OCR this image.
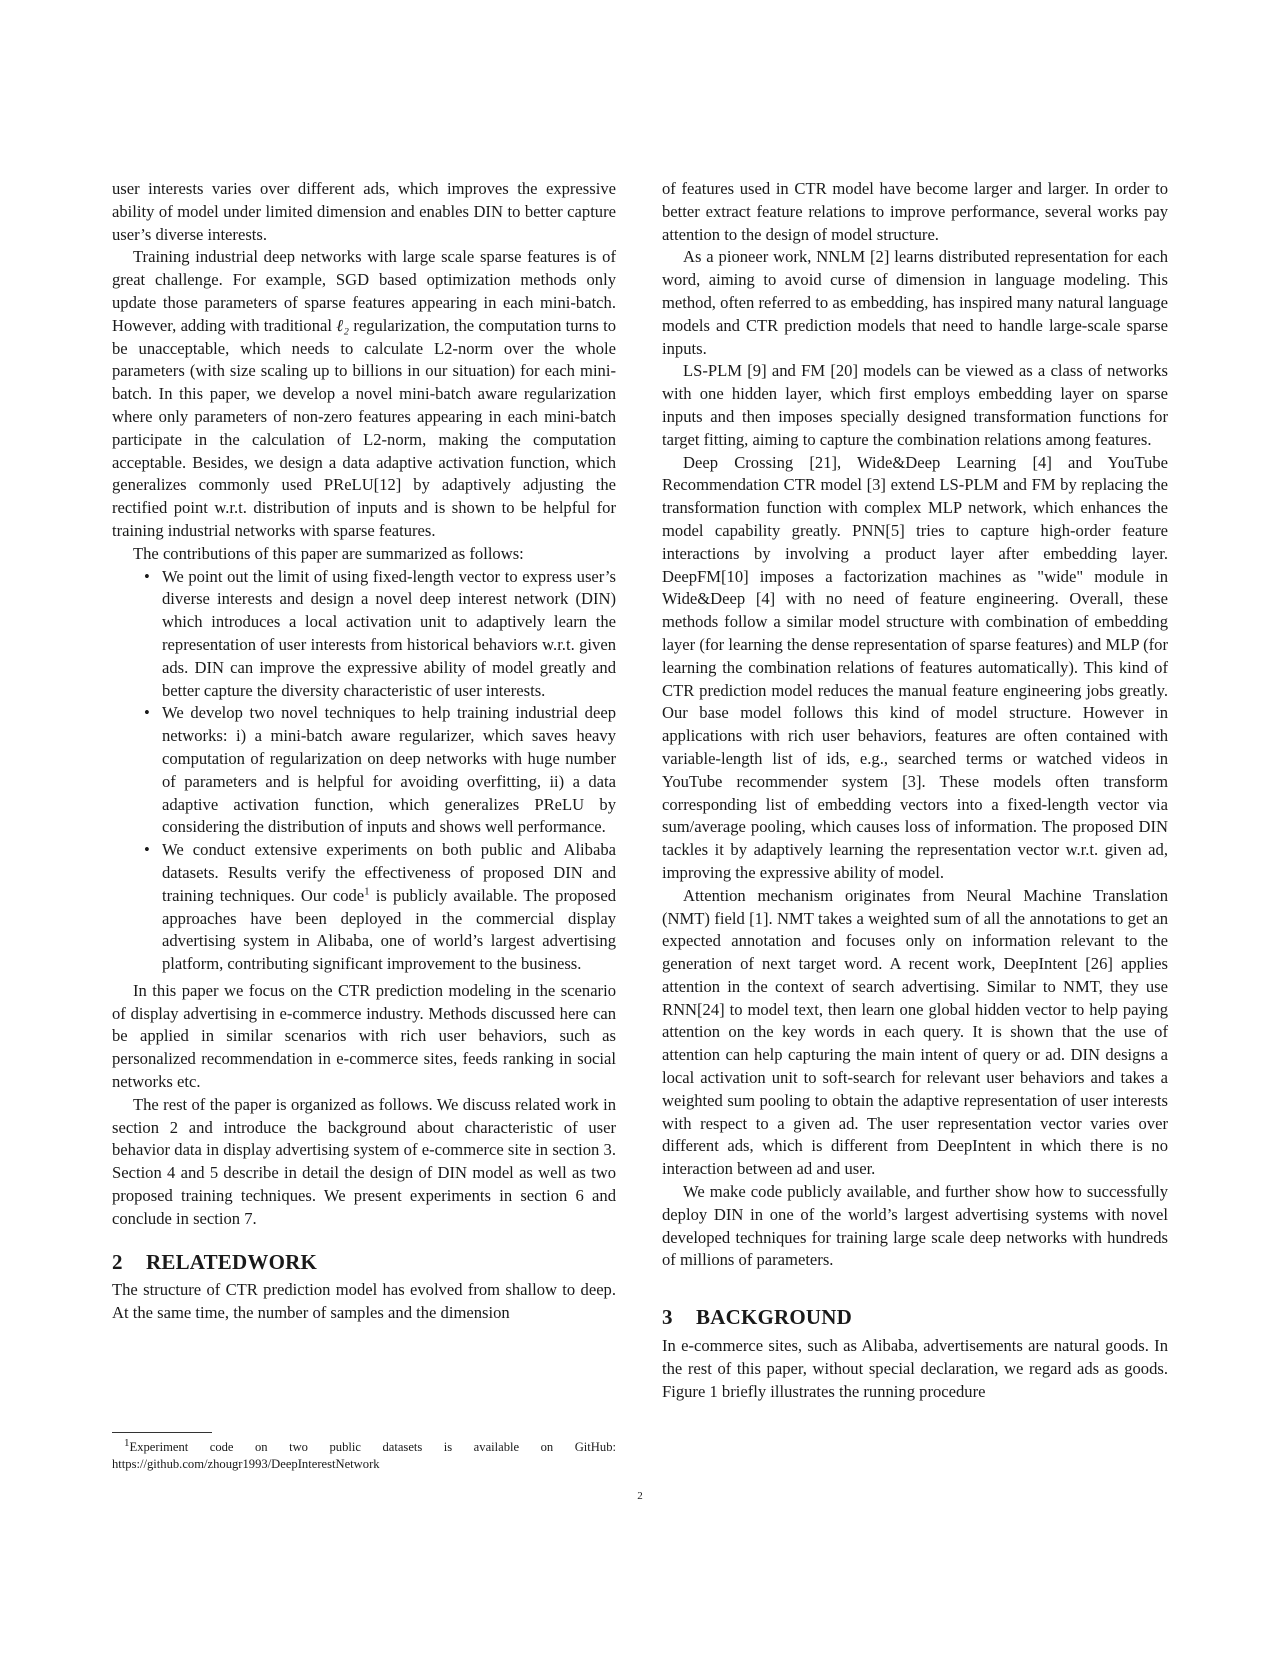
user interests varies over different ads, which improves the expressive ability of model under limited dimension and enables DIN to better capture user’s diverse interests.

Training industrial deep networks with large scale sparse features is of great challenge. For example, SGD based optimization methods only update those parameters of sparse features appearing in each mini-batch. However, adding with traditional ℓ₂ regularization, the computation turns to be unacceptable, which needs to calculate L2-norm over the whole parameters (with size scaling up to billions in our situation) for each mini-batch. In this paper, we develop a novel mini-batch aware regularization where only parameters of non-zero features appearing in each mini-batch participate in the calculation of L2-norm, making the computation acceptable. Besides, we design a data adaptive activation function, which generalizes commonly used PReLU[12] by adaptively adjusting the rectified point w.r.t. distribution of inputs and is shown to be helpful for training industrial networks with sparse features.

The contributions of this paper are summarized as follows:

• We point out the limit of using fixed-length vector to express user’s diverse interests and design a novel deep interest network (DIN) which introduces a local activation unit to adaptively learn the representation of user interests from historical behaviors w.r.t. given ads. DIN can improve the expressive ability of model greatly and better capture the diversity characteristic of user interests.
• We develop two novel techniques to help training industrial deep networks: i) a mini-batch aware regularizer, which saves heavy computation of regularization on deep networks with huge number of parameters and is helpful for avoiding overfitting, ii) a data adaptive activation function, which generalizes PReLU by considering the distribution of inputs and shows well performance.
• We conduct extensive experiments on both public and Alibaba datasets. Results verify the effectiveness of proposed DIN and training techniques. Our code$^1$ is publicly available. The proposed approaches have been deployed in the commercial display advertising system in Alibaba, one of world’s largest advertising platform, contributing significant improvement to the business.

In this paper we focus on the CTR prediction modeling in the scenario of display advertising in e-commerce industry. Methods discussed here can be applied in similar scenarios with rich user behaviors, such as personalized recommendation in e-commerce sites, feeds ranking in social networks etc.

The rest of the paper is organized as follows. We discuss related work in section 2 and introduce the background about characteristic of user behavior data in display advertising system of e-commerce site in section 3. Section 4 and 5 describe in detail the design of DIN model as well as two proposed training techniques. We present experiments in section 6 and conclude in section 7.

2 RELATEDWORK

The structure of CTR prediction model has evolved from shallow to deep. At the same time, the number of samples and the dimension

of features used in CTR model have become larger and larger. In order to better extract feature relations to improve performance, several works pay attention to the design of model structure.

As a pioneer work, NNLM [2] learns distributed representation for each word, aiming to avoid curse of dimension in language modeling. This method, often referred to as embedding, has inspired many natural language models and CTR prediction models that need to handle large-scale sparse inputs.

LS-PLM [9] and FM [20] models can be viewed as a class of networks with one hidden layer, which first employs embedding layer on sparse inputs and then imposes specially designed transformation functions for target fitting, aiming to capture the combination relations among features.

Deep Crossing [21], Wide&Deep Learning [4] and YouTube Recommendation CTR model [3] extend LS-PLM and FM by replacing the transformation function with complex MLP network, which enhances the model capability greatly. PNN[5] tries to capture high-order feature interactions by involving a product layer after embedding layer. DeepFM[10] imposes a factorization machines as "wide" module in Wide&Deep [4] with no need of feature engineering. Overall, these methods follow a similar model structure with combination of embedding layer (for learning the dense representation of sparse features) and MLP (for learning the combination relations of features automatically). This kind of CTR prediction model reduces the manual feature engineering jobs greatly. Our base model follows this kind of model structure. However in applications with rich user behaviors, features are often contained with variable-length list of ids, e.g., searched terms or watched videos in YouTube recommender system [3]. These models often transform corresponding list of embedding vectors into a fixed-length vector via sum/average pooling, which causes loss of information. The proposed DIN tackles it by adaptively learning the representation vector w.r.t. given ad, improving the expressive ability of model.

Attention mechanism originates from Neural Machine Translation (NMT) field [1]. NMT takes a weighted sum of all the annotations to get an expected annotation and focuses only on information relevant to the generation of next target word. A recent work, DeepIntent [26] applies attention in the context of search advertising. Similar to NMT, they use RNN[24] to model text, then learn one global hidden vector to help paying attention on the key words in each query. It is shown that the use of attention can help capturing the main intent of query or ad. DIN designs a local activation unit to soft-search for relevant user behaviors and takes a weighted sum pooling to obtain the adaptive representation of user interests with respect to a given ad. The user representation vector varies over different ads, which is different from DeepIntent in which there is no interaction between ad and user.

We make code publicly available, and further show how to successfully deploy DIN in one of the world’s largest advertising systems with novel developed techniques for training large scale deep networks with hundreds of millions of parameters.

3 BACKGROUND

In e-commerce sites, such as Alibaba, advertisements are natural goods. In the rest of this paper, without special declaration, we regard ads as goods. Figure 1 briefly illustrates the running procedure

$^1$Experiment code on two public datasets is available on GitHub: https://github.com/zhougr1993/DeepInterestNetwork

2
